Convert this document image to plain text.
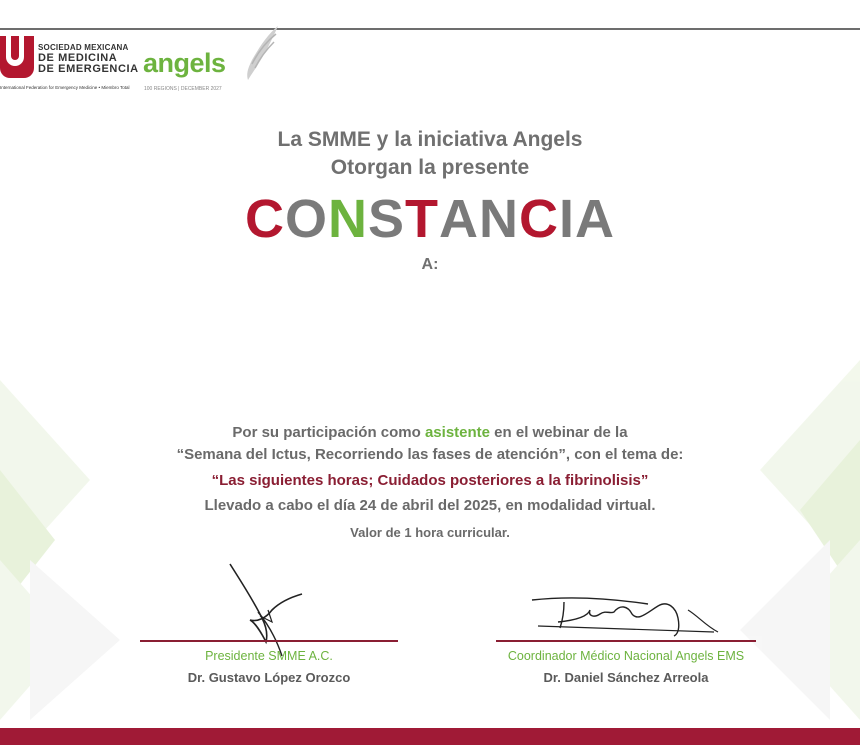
SOCIEDAD MEXICANA
DE MEDICINA
DE EMERGENCIA
International Federation for Emergency Medicine • Miembro Total
angels
100 REGIONS | DECEMBER 2027
La SMME y la iniciativa Angels
Otorgan la presente
CONSTANCIA
A:
Por su participación como asistente en el webinar de la
“Semana del Ictus, Recorriendo las fases de atención”, con el tema de:
“Las siguientes horas; Cuidados posteriores a la fibrinolisis”
Llevado a cabo el día 24 de abril del 2025, en modalidad virtual.
Valor de 1 hora curricular.
Presidente SMME A.C.
Dr. Gustavo López Orozco
Coordinador Médico Nacional Angels EMS
Dr. Daniel Sánchez Arreola
